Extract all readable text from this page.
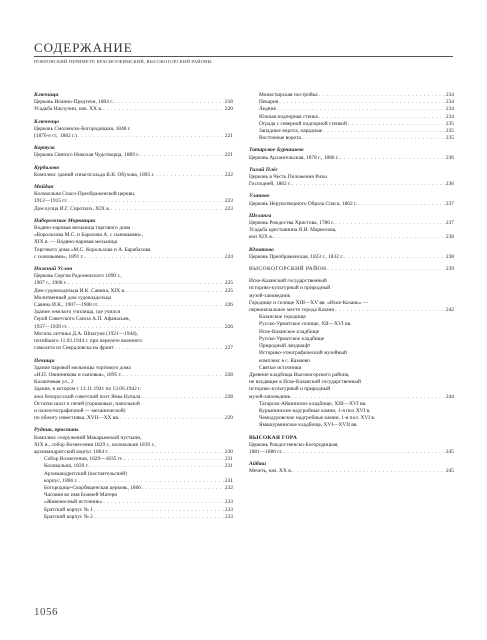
СОДЕРЖАНИЕ
ПОКРОВСКИЙ ПЕРИМЕТР, КРАСНОУФИМСКИЙ, ВЫСОКОГОРСКИЙ РАЙОНЫ
Ключищи
Церковь Иоанно-Предтечи, 1804 г. . . .	218
Усадьба Наулучни, нач. XX в. . . .	220
Ключенцо
Церковь Смоленско-Богородицкая, 1848 г.
(1870-е гг., 1882 г.) . . .	221
Кортуза
Церковь Святого Николая Чудотворца, 1889 г. . . .	221
Курдалово
Комплекс зданий синагогальда В.В. Обухова, 1895 г. . . .	222
Майдан
Колокольня Спасо-Преображенской церкви,
1912—1915 гг. . . .	223
Дом купца И.Г. Сиротких, XIX в. . . .	223
Набережные Морквацаи
Водяно-паровая мельница торгового дома
«Корольхова М.С. и Барахова А. с сыновьями»,
XIX в. — Водяно-паровая мельница
Торгового дома «М.С. Корольхова и А. Барабахова
с сыновьями», 1891 г. . . .	224
Нижний Услон
Церковь Сергия Радонежского 1890 г.,
1907 г., 1908 г. . . .	225
Дом судовладельца И.К. Савина, XIX в. . . .	225
Молитвенный дом судовладельца
Савина И.К., 1907—1908 гг. . . .	226
Здание земского училища, где учился
Герой Советского Союза А.П. Афанасьев,
1937—1939 гг. . . .	226
Могила летчика Д.А. Шпагуна (1921—1944),
погибшего 11.02.1944 г. при перелете военного
самолета из Свердловска на фронт . . .	227
Печищи
Здание паровой мельницы торгового дома
«Н.П. Овинникова и сыновья», 1895 г. . . .	228
Каланчевая ул., 2
Здание, в котором с 13.11.1941 по 13.06.1942 г.
жил белорусский советский поэт Янка Купала . . .	228
Остатки шахт к печей (горшковых, напольной
и палеогеографичной — механической)
по обжигу известняка, XVII—XX вв. . . .	229
Рудник, пристань
Комплекс сооружений Макарьевской пустыни,
XIX в., собор Вознесения 1829 г., колокольня 1839 г.,
архимандритский корпус 1864 г. . . .	230
Собор Вознесения, 1829—1835 гг. . . .	231
Колокольня, 1839 г. . . .	231
Архимандритский (настоятельский)
корпус, 1866 г. . . .	231
Богородице-Скорбященская церковь, 1866 . . .	232
Часовня во имя Божией Матери
«Живоносный источник» . . .	233
Братский корпус № 1 . . .	233
Братский корпус № 2 . . .	233
Монастырская постройка . . .	234
Пекарня . . .	234
Ледник . . .	234
Южная подпорная стенка . . .	234
Ограда с северной подпорной стенкой . . .	235
Западные ворота, парадные . . .	235
Восточные ворота . . .	235
Татарское Бурнашево
Церковь Архангельская, 1878 г., 1886 г. . . .	236
Тихий Плёс
Церковь в Честь Положения Ризы
Господней, 1882 г. . . .	236
Уланово
Церковь Нерукотворного Образа Спаса, 1862 г. . . .	237
Шеланга
Церковь Рождества Христова, 1786 г. . . .	237
Усадьба крестьянина Я.И. Маркелова,
кон XIX в. . . .	238
Юматово
Церковь Преображенская, 1823 г., 1832 г. . . .	238
ВЫСОКОГОРСКИЙ РАЙОН . . .	239
Иске-Казанский государственный
историко-культурный и природный
музей-заповедник
Городище и селище XIII—XV вв. «Иске-Казань» —
первоначальное место города Казани . . .	242
Казанское городище
Русско-Урматское селище, XII—XVI вв.
Иске-Казанское кладбище
Русско-Урматское кладбище
Природный ландшафт
Историко-этнографический музейный
комплекс в с. Камаево
Святые источники
Древние кладбища Высокогорского района,
не входящие в Иске-Казанский государственный
историко-культурный и природный
музей-заповедник . . .	244
Татарско-Айшинское кладбище, XIII—XVI вв.
Куркачинские надгробные камни, 1-я пол XVI в.
Чемодуровские надгробные камни, 1-я пол. XVI в.
Ямашурминское кладбище, XVI—XVII вв.
ВЫСОКАЯ ГОРА
Церковь Рождественско-Богородицкая,
1881—1886 гг. . . .	245
Айбаш
Мечеть, нач. XX в. . . .	245
1056
